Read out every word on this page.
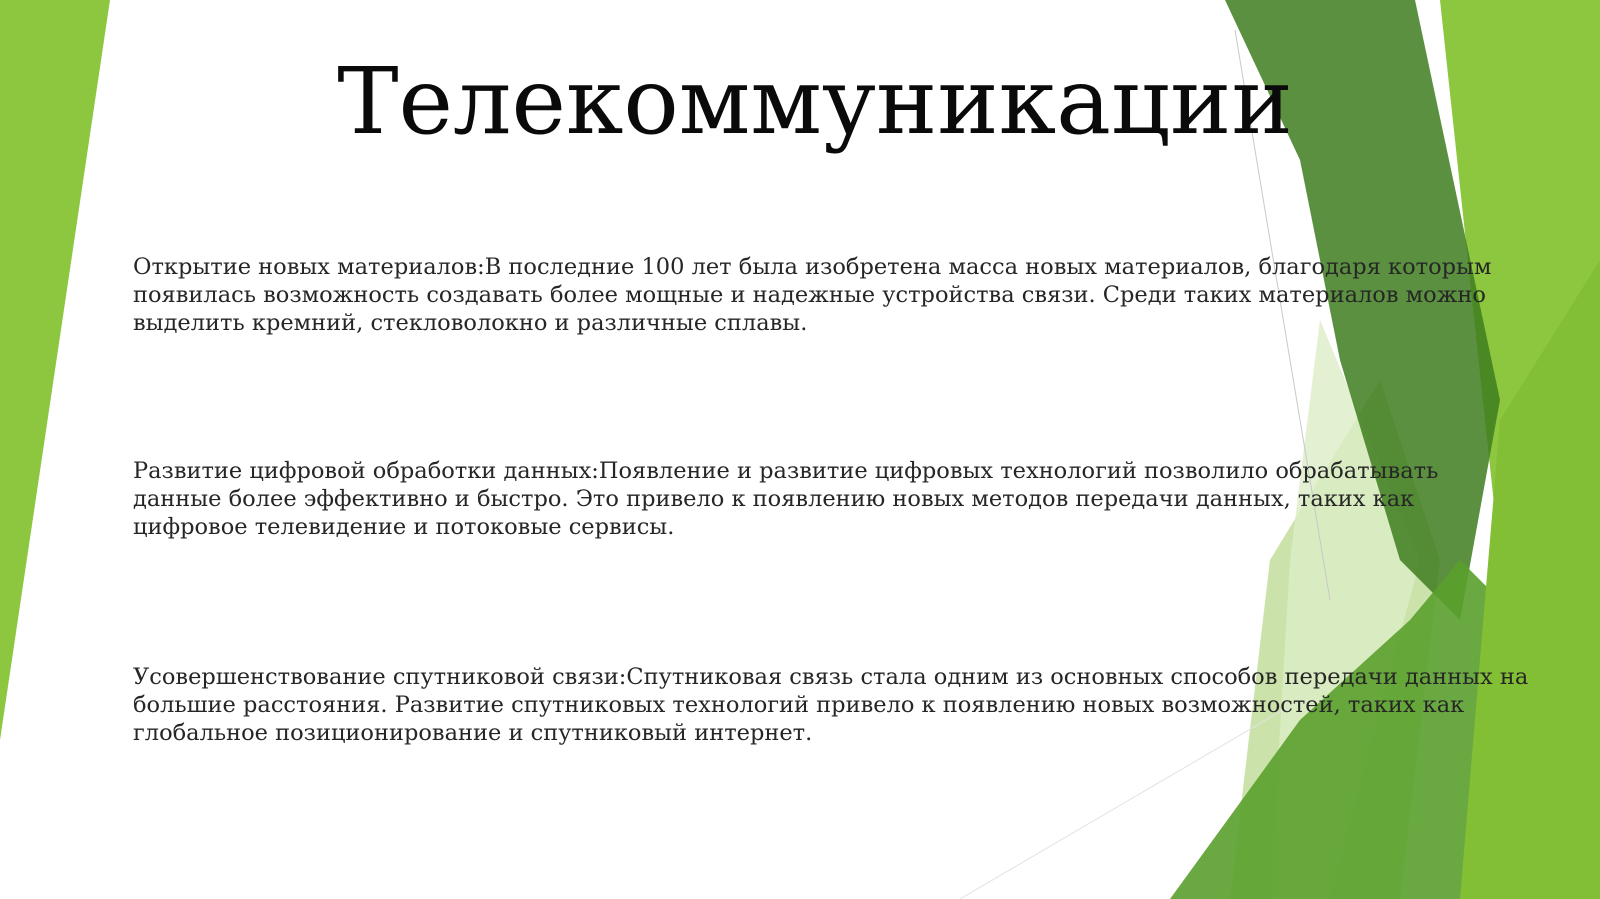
Телекоммуникации

Открытие новых материалов:В последние 100 лет была изобретена масса новых материалов, благодаря которым появилась возможность создавать более мощные и надежные устройства связи. Среди таких материалов можно выделить кремний, стекловолокно и различные сплавы.

Развитие цифровой обработки данных:Появление и развитие цифровых технологий позволило обрабатывать данные более эффективно и быстро. Это привело к появлению новых методов передачи данных, таких как цифровое телевидение и потоковые сервисы.

Усовершенствование спутниковой связи:Спутниковая связь стала одним из основных способов передачи данных на большие расстояния. Развитие спутниковых технологий привело к появлению новых возможностей, таких как глобальное позиционирование и спутниковый интернет.
